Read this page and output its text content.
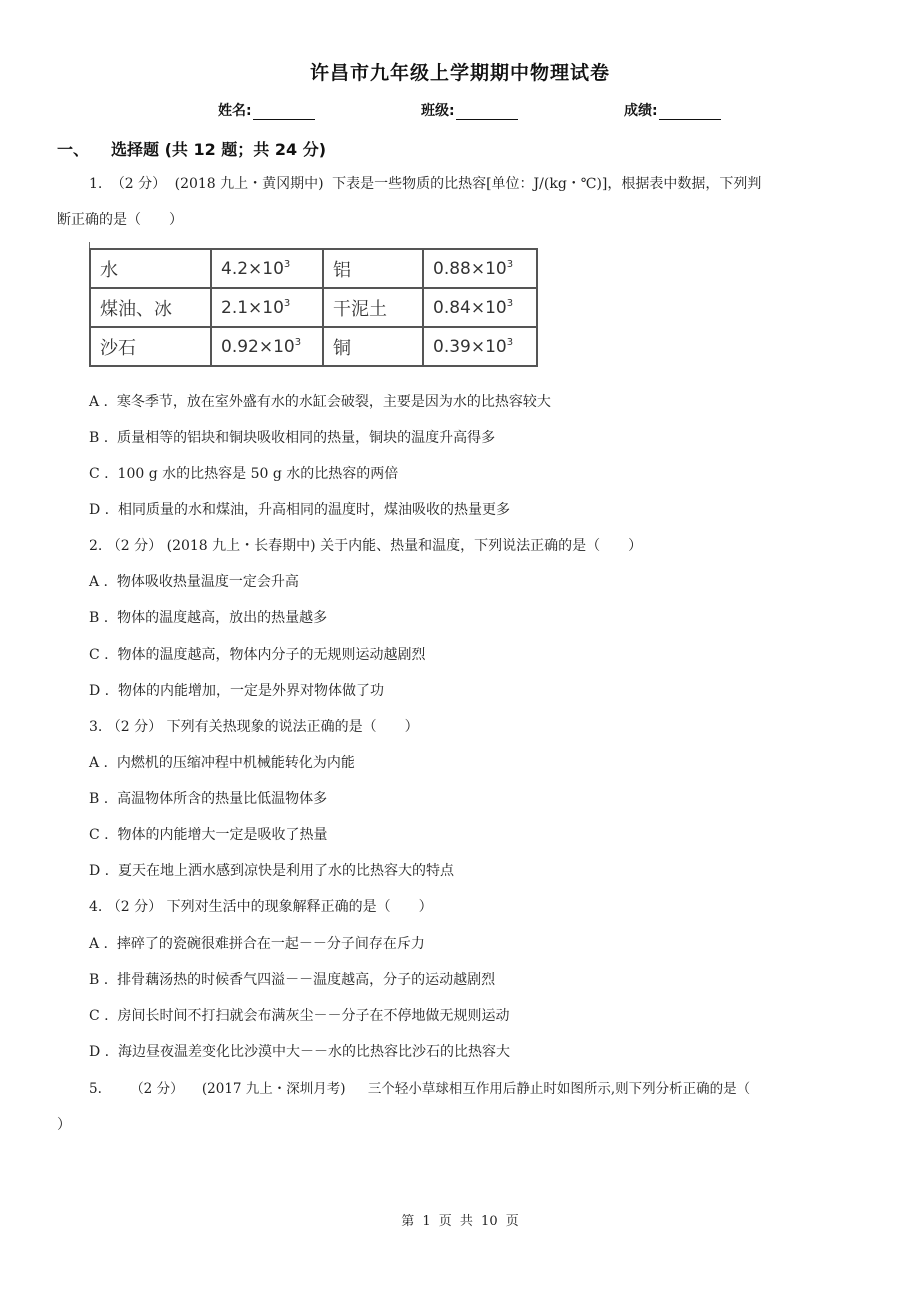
许昌市九年级上学期期中物理试卷
姓名:	班级:	成绩:
一、 选择题 (共 12 题；共 24 分)
1. （2 分） (2018 九上・黄冈期中) 下表是一些物质的比热容[单位：J/(kg・℃)]，根据表中数据，下列判
断正确的是（　　）
水	$4.2\times 10^3$	铝	$0.88\times 10^3$
煤油、冰	$2.1\times 10^3$	干泥土	$0.84\times 10^3$
沙石	$0.92\times 10^3$	铜	$0.39\times 10^3$
A . 寒冬季节，放在室外盛有水的水缸会破裂，主要是因为水的比热容较大
B . 质量相等的铝块和铜块吸收相同的热量，铜块的温度升高得多
C . 100 g 水的比热容是 50 g 水的比热容的两倍
D . 相同质量的水和煤油，升高相同的温度时，煤油吸收的热量更多
2. （2 分） (2018 九上・长春期中) 关于内能、热量和温度，下列说法正确的是（　　）
A . 物体吸收热量温度一定会升高
B . 物体的温度越高，放出的热量越多
C . 物体的温度越高，物体内分子的无规则运动越剧烈
D . 物体的内能增加，一定是外界对物体做了功
3. （2 分） 下列有关热现象的说法正确的是（　　）
A . 内燃机的压缩冲程中机械能转化为内能
B . 高温物体所含的热量比低温物体多
C . 物体的内能增大一定是吸收了热量
D . 夏天在地上洒水感到凉快是利用了水的比热容大的特点
4. （2 分） 下列对生活中的现象解释正确的是（　　）
A . 摔碎了的瓷碗很难拼合在一起－－分子间存在斥力
B . 排骨藕汤热的时候香气四溢－－温度越高，分子的运动越剧烈
C . 房间长时间不打扫就会布满灰尘－－分子在不停地做无规则运动
D . 海边昼夜温差变化比沙漠中大－－水的比热容比沙石的比热容大
5. （2 分） (2017 九上・深圳月考) 三个轻小草球相互作用后静止时如图所示,则下列分析正确的是（
）
第 1 页 共 10 页
